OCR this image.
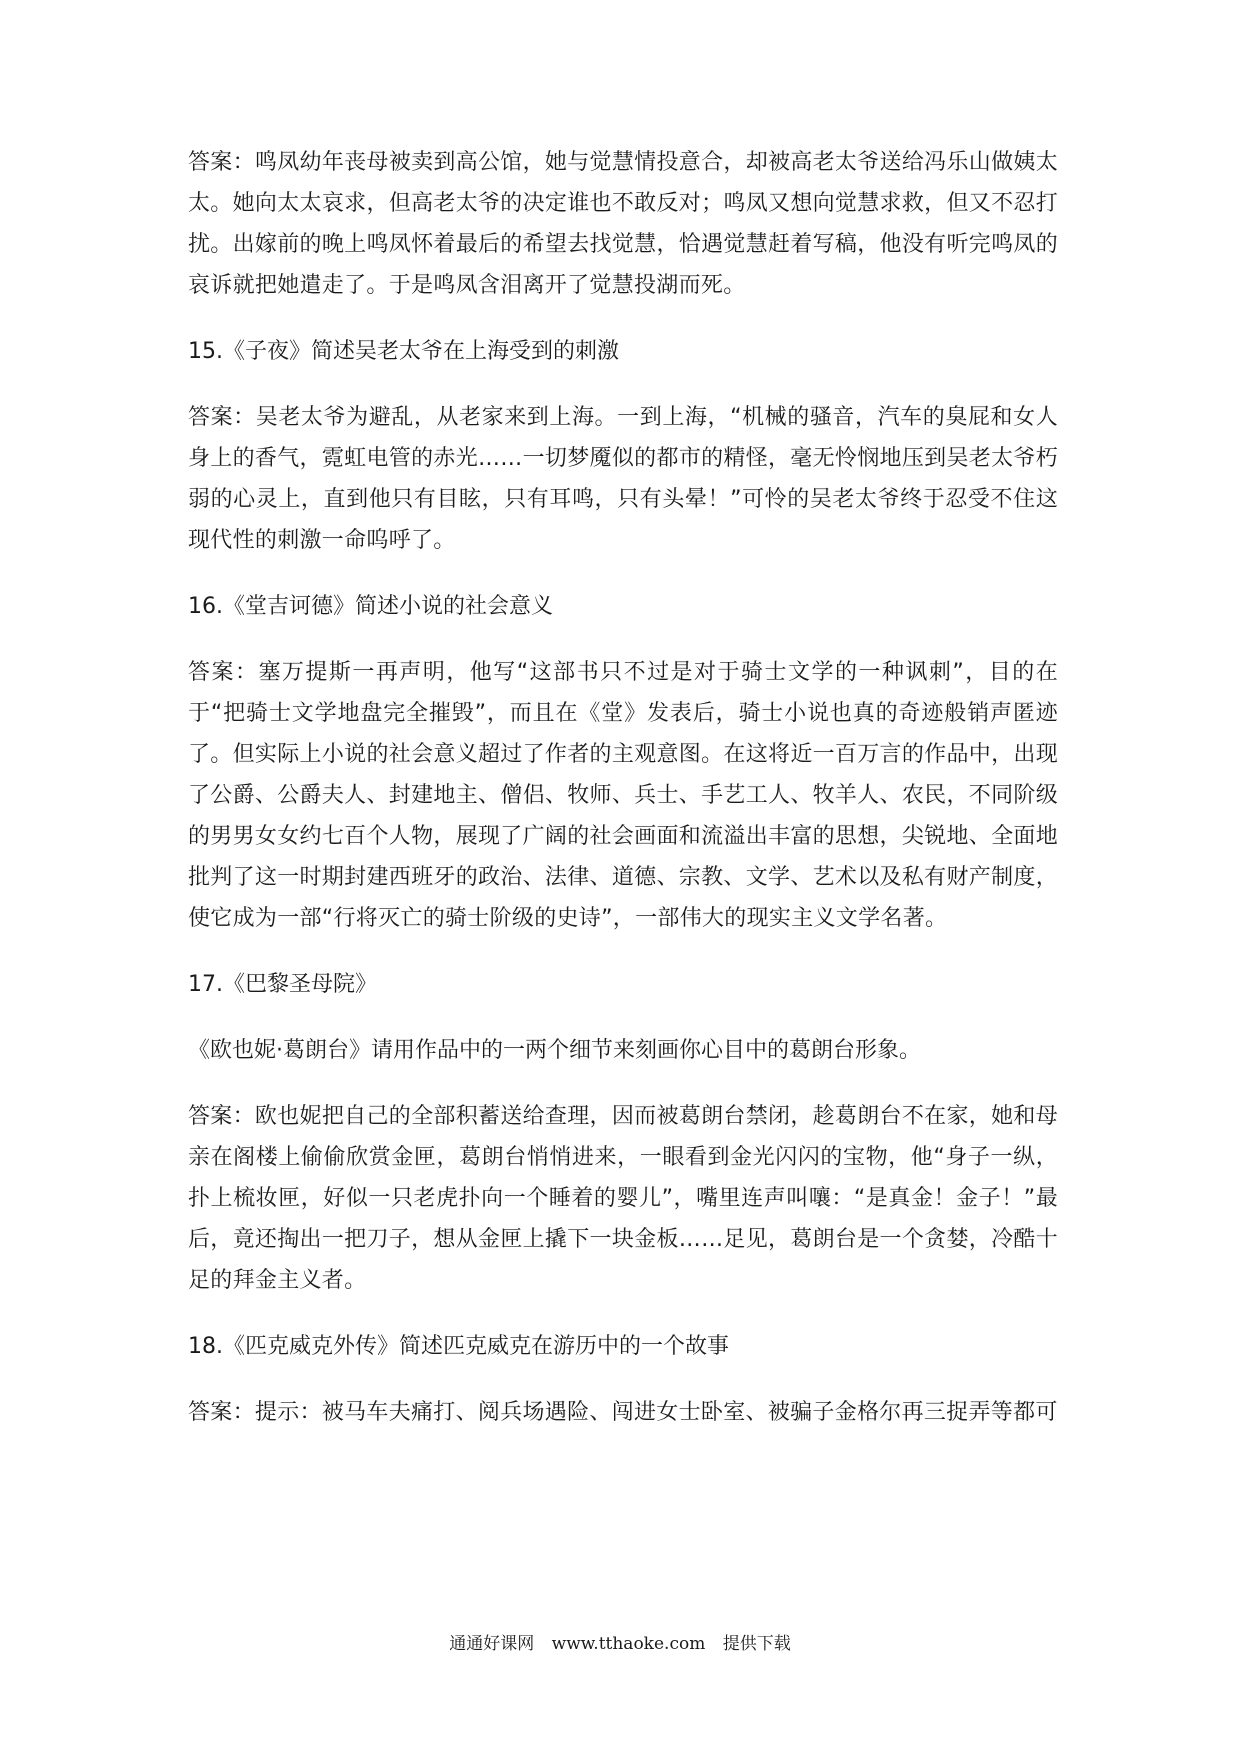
答案：鸣凤幼年丧母被卖到高公馆，她与觉慧情投意合，却被高老太爷送给冯乐山做姨太太。她向太太哀求，但高老太爷的决定谁也不敢反对；鸣凤又想向觉慧求救，但又不忍打扰。出嫁前的晚上鸣凤怀着最后的希望去找觉慧，恰遇觉慧赶着写稿，他没有听完鸣凤的哀诉就把她遣走了。于是鸣凤含泪离开了觉慧投湖而死。

15.《子夜》简述吴老太爷在上海受到的刺激

答案：吴老太爷为避乱，从老家来到上海。一到上海，“机械的骚音，汽车的臭屁和女人身上的香气，霓虹电管的赤光……一切梦魇似的都市的精怪，毫无怜悯地压到吴老太爷朽弱的心灵上，直到他只有目眩，只有耳鸣，只有头晕！”可怜的吴老太爷终于忍受不住这现代性的刺激一命呜呼了。

16.《堂吉诃德》简述小说的社会意义

答案：塞万提斯一再声明，他写“这部书只不过是对于骑士文学的一种讽刺”，目的在于“把骑士文学地盘完全摧毁”，而且在《堂》发表后，骑士小说也真的奇迹般销声匿迹了。但实际上小说的社会意义超过了作者的主观意图。在这将近一百万言的作品中，出现了公爵、公爵夫人、封建地主、僧侣、牧师、兵士、手艺工人、牧羊人、农民，不同阶级的男男女女约七百个人物，展现了广阔的社会画面和流溢出丰富的思想，尖锐地、全面地批判了这一时期封建西班牙的政治、法律、道德、宗教、文学、艺术以及私有财产制度，使它成为一部“行将灭亡的骑士阶级的史诗”，一部伟大的现实主义文学名著。

17.《巴黎圣母院》

《欧也妮·葛朗台》请用作品中的一两个细节来刻画你心目中的葛朗台形象。

答案：欧也妮把自己的全部积蓄送给查理，因而被葛朗台禁闭，趁葛朗台不在家，她和母亲在阁楼上偷偷欣赏金匣，葛朗台悄悄进来，一眼看到金光闪闪的宝物，他“身子一纵，扑上梳妆匣，好似一只老虎扑向一个睡着的婴儿”，嘴里连声叫嚷：“是真金！金子！”最后，竟还掏出一把刀子，想从金匣上撬下一块金板……足见，葛朗台是一个贪婪，冷酷十足的拜金主义者。

18.《匹克威克外传》简述匹克威克在游历中的一个故事

答案：提示：被马车夫痛打、阅兵场遇险、闯进女士卧室、被骗子金格尔再三捉弄等都可

通通好课网 www.tthaoke.com 提供下载
